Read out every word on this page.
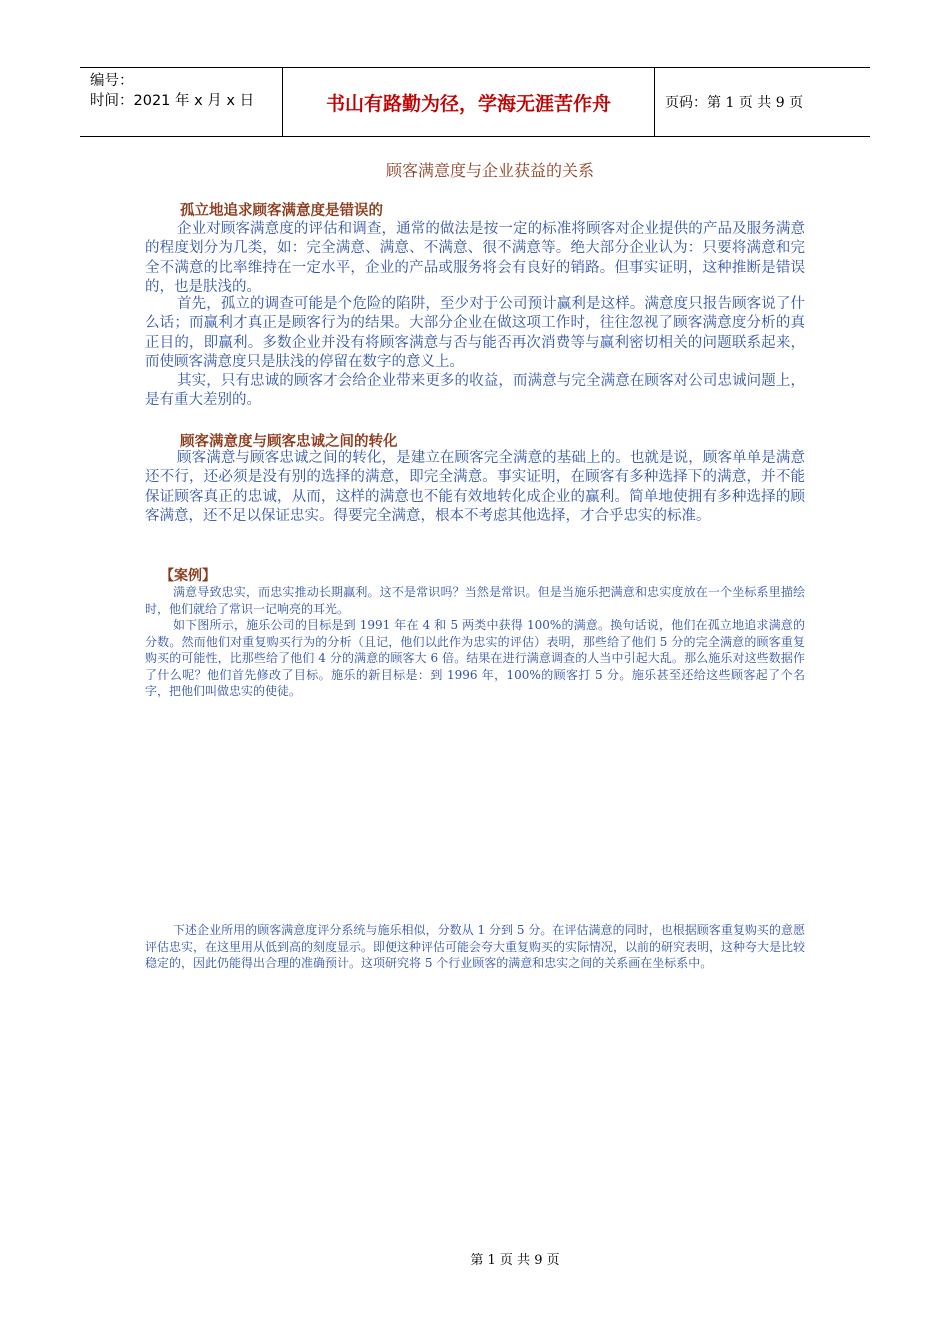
编号：
时间：2021 年 x 月 x 日	书山有路勤为径，学海无涯苦作舟	页码：第 1 页 共 9 页
顾客满意度与企业获益的关系
孤立地追求顾客满意度是错误的

企业对顾客满意度的评估和调查，通常的做法是按一定的标准将顾客对企业提供的产品及服务满意的程度划分为几类，如：完全满意、满意、不满意、很不满意等。绝大部分企业认为：只要将满意和完全不满意的比率维持在一定水平，企业的产品或服务将会有良好的销路。但事实证明，这种推断是错误的，也是肤浅的。

首先，孤立的调查可能是个危险的陷阱，至少对于公司预计赢利是这样。满意度只报告顾客说了什么话；而赢利才真正是顾客行为的结果。大部分企业在做这项工作时，往往忽视了顾客满意度分析的真正目的，即赢利。多数企业并没有将顾客满意与否与能否再次消费等与赢利密切相关的问题联系起来，而使顾客满意度只是肤浅的停留在数字的意义上。

其实，只有忠诚的顾客才会给企业带来更多的收益，而满意与完全满意在顾客对公司忠诚问题上，是有重大差别的。

顾客满意度与顾客忠诚之间的转化

顾客满意与顾客忠诚之间的转化，是建立在顾客完全满意的基础上的。也就是说，顾客单单是满意还不行，还必须是没有别的选择的满意，即完全满意。事实证明，在顾客有多种选择下的满意，并不能保证顾客真正的忠诚，从而，这样的满意也不能有效地转化成企业的赢利。简单地使拥有多种选择的顾客满意，还不足以保证忠实。得要完全满意，根本不考虑其他选择，才合乎忠实的标准。

【案例】

满意导致忠实，而忠实推动长期赢利。这不是常识吗？当然是常识。但是当施乐把满意和忠实度放在一个坐标系里描绘时，他们就给了常识一记响亮的耳光。

如下图所示，施乐公司的目标是到 1991 年在 4 和 5 两类中获得 100%的满意。换句话说，他们在孤立地追求满意的分数。然而他们对重复购买行为的分析（且记，他们以此作为忠实的评估）表明，那些给了他们 5 分的完全满意的顾客重复购买的可能性，比那些给了他们 4 分的满意的顾客大 6 倍。结果在进行满意调查的人当中引起大乱。那么施乐对这些数据作了什么呢？他们首先修改了目标。施乐的新目标是：到 1996 年，100%的顾客打 5 分。施乐甚至还给这些顾客起了个名字，把他们叫做忠实的使徒。

下述企业所用的顾客满意度评分系统与施乐相似，分数从 1 分到 5 分。在评估满意的同时，也根据顾客重复购买的意愿评估忠实，在这里用从低到高的刻度显示。即便这种评估可能会夸大重复购买的实际情况，以前的研究表明，这种夸大是比较稳定的，因此仍能得出合理的准确预计。这项研究将 5 个行业顾客的满意和忠实之间的关系画在坐标系中。

第 1 页 共 9 页
